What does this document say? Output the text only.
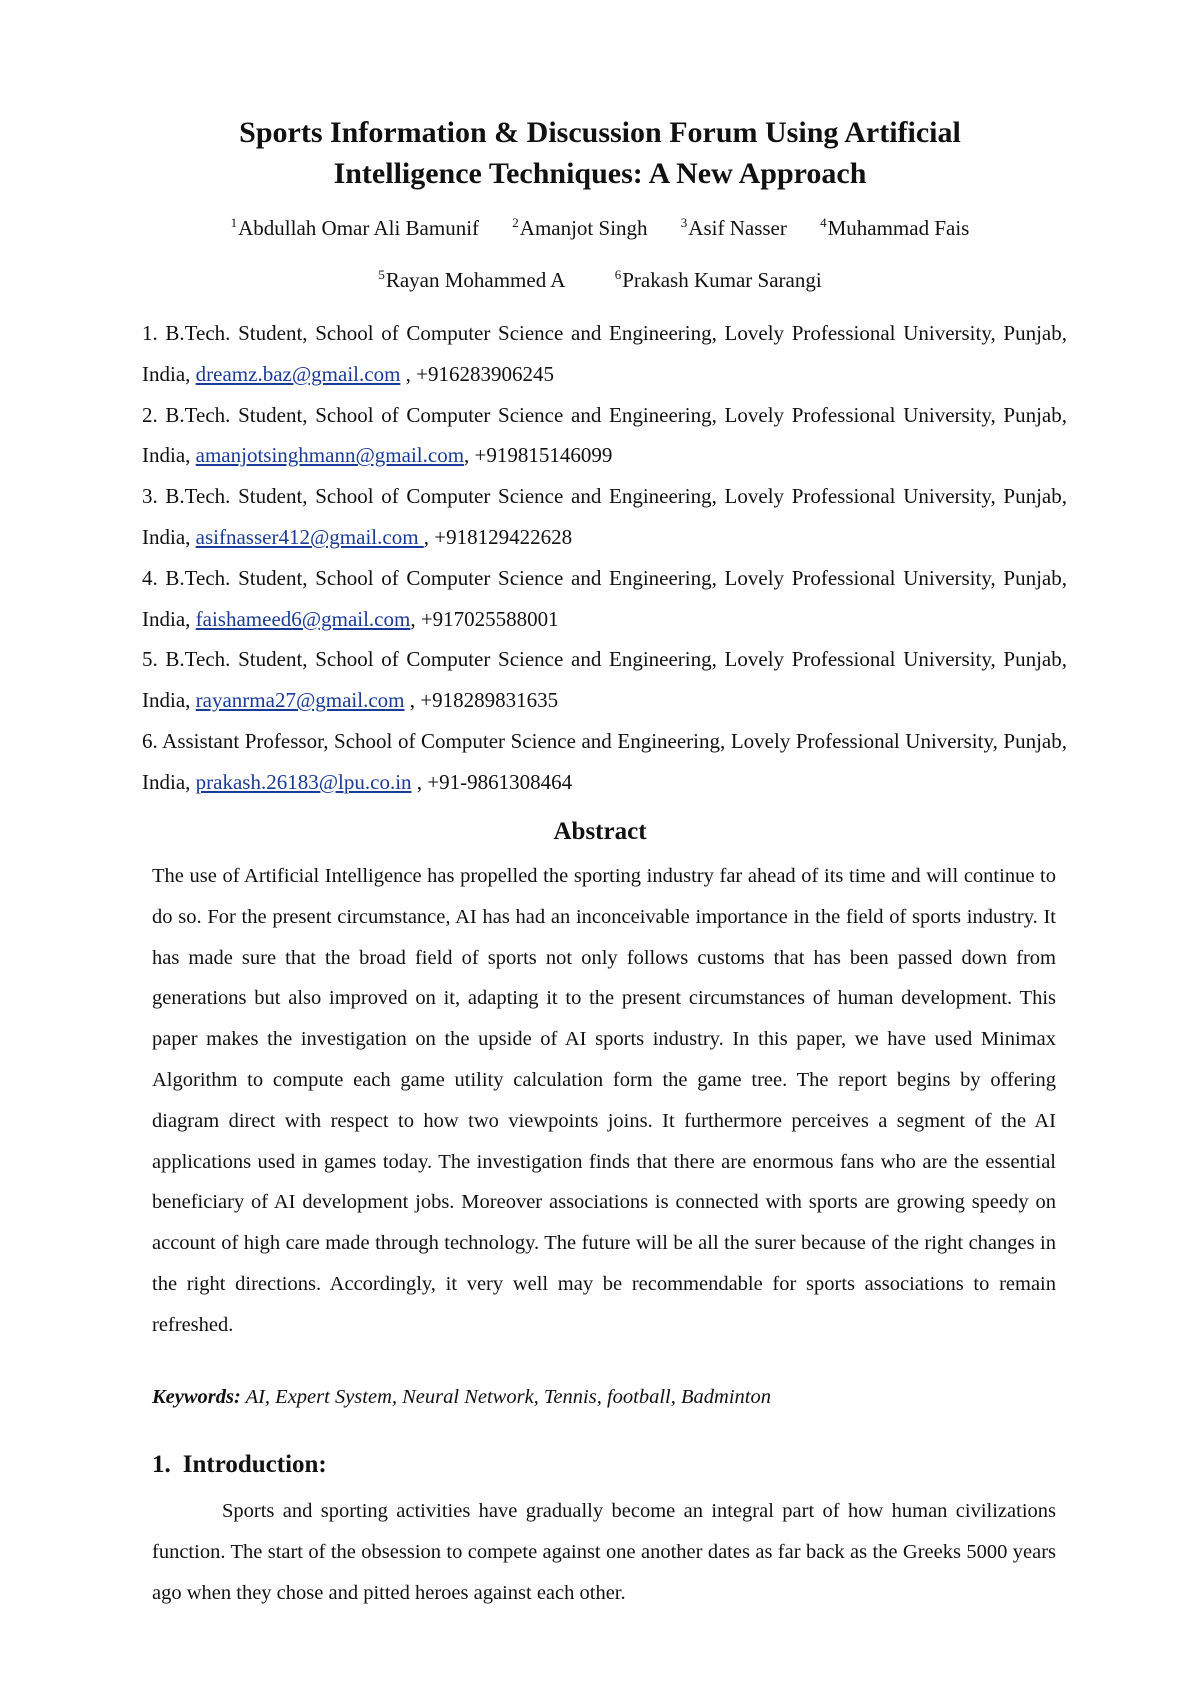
Sports Information & Discussion Forum Using Artificial
Intelligence Techniques: A New Approach
$^1$Abdullah Omar Ali Bamunif	$^2$Amanjot Singh	$^3$Asif Nasser	$^4$Muhammad Fais
$^5$Rayan Mohammed A	$^6$Prakash Kumar Sarangi

1. B.Tech. Student, School of Computer Science and Engineering, Lovely Professional University, Punjab, India, dreamz.baz@gmail.com , +916283906245

2. B.Tech. Student, School of Computer Science and Engineering, Lovely Professional University, Punjab, India, amanjotsinghmann@gmail.com, +919815146099

3. B.Tech. Student, School of Computer Science and Engineering, Lovely Professional University, Punjab, India, asifnasser412@gmail.com , +918129422628

4. B.Tech. Student, School of Computer Science and Engineering, Lovely Professional University, Punjab, India, faishameed6@gmail.com, +917025588001

5. B.Tech. Student, School of Computer Science and Engineering, Lovely Professional University, Punjab, India, rayanrma27@gmail.com , +918289831635

6. Assistant Professor, School of Computer Science and Engineering, Lovely Professional University, Punjab, India, prakash.26183@lpu.co.in , +91-9861308464

Abstract

The use of Artificial Intelligence has propelled the sporting industry far ahead of its time and will continue to do so. For the present circumstance, AI has had an inconceivable importance in the field of sports industry. It has made sure that the broad field of sports not only follows customs that has been passed down from generations but also improved on it, adapting it to the present circumstances of human development. This paper makes the investigation on the upside of AI sports industry. In this paper, we have used Minimax Algorithm to compute each game utility calculation form the game tree. The report begins by offering diagram direct with respect to how two viewpoints joins. It furthermore perceives a segment of the AI applications used in games today. The investigation finds that there are enormous fans who are the essential beneficiary of AI development jobs. Moreover associations is connected with sports are growing speedy on account of high care made through technology. The future will be all the surer because of the right changes in the right directions. Accordingly, it very well may be recommendable for sports associations to remain refreshed.

Keywords: AI, Expert System, Neural Network, Tennis, football, Badminton
1. Introduction:

Sports and sporting activities have gradually become an integral part of how human civilizations function. The start of the obsession to compete against one another dates as far back as the Greeks 5000 years ago when they chose and pitted heroes against each other.
